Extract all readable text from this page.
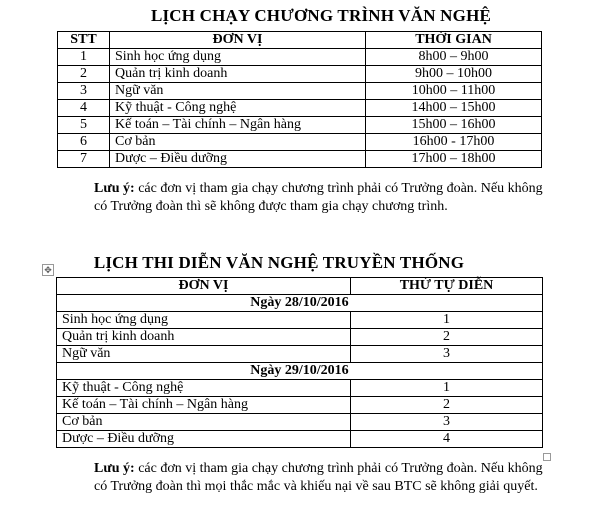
LỊCH CHẠY CHƯƠNG TRÌNH VĂN NGHỆ
STT	ĐƠN VỊ	THỜI GIAN
1	Sinh học ứng dụng	8h00 – 9h00
2	Quản trị kinh doanh	9h00 – 10h00
3	Ngữ văn	10h00 – 11h00
4	Kỹ thuật - Công nghệ	14h00 – 15h00
5	Kế toán – Tài chính – Ngân hàng	15h00 – 16h00
6	Cơ bản	16h00 - 17h00
7	Dược – Điều dưỡng	17h00 – 18h00
Lưu ý: các đơn vị tham gia chạy chương trình phải có Trưởng đoàn. Nếu không có Trưởng đoàn thì sẽ không được tham gia chạy chương trình.
✥	LỊCH THI DIỄN VĂN NGHỆ TRUYỀN THỐNG
ĐƠN VỊ	THỨ TỰ DIỄN
Ngày 28/10/2016	
Sinh học ứng dụng	1
Quản trị kinh doanh	2
Ngữ văn	3
Ngày 29/10/2016	
Kỹ thuật - Công nghệ	1
Kế toán – Tài chính – Ngân hàng	2
Cơ bản	3
Dược – Điều dưỡng	4
Lưu ý: các đơn vị tham gia chạy chương trình phải có Trưởng đoàn. Nếu không có Trưởng đoàn thì mọi thắc mắc và khiếu nại về sau BTC sẽ không giải quyết.
